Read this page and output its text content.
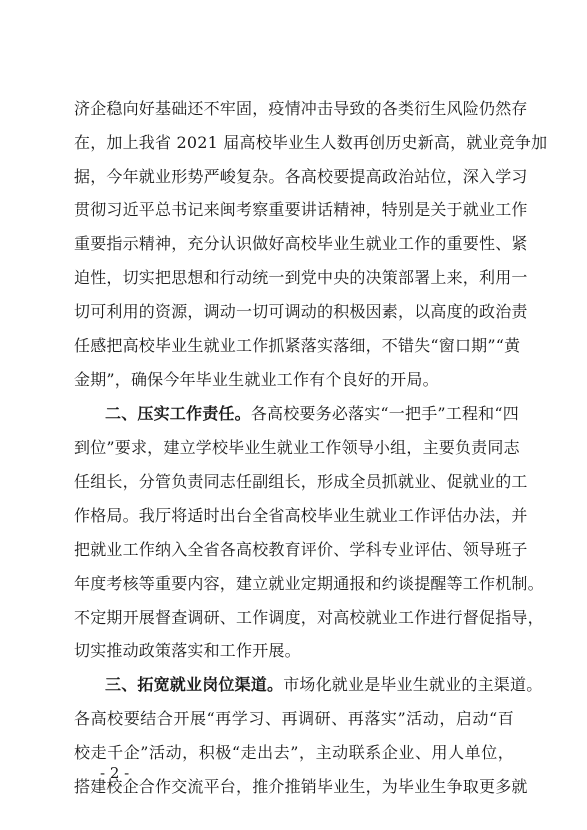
济企稳向好基础还不牢固，疫情冲击导致的各类衍生风险仍然存
在，加上我省 2021 届高校毕业生人数再创历史新高，就业竞争加
据，今年就业形势严峻复杂。各高校要提高政治站位，深入学习
贯彻习近平总书记来闽考察重要讲话精神，特别是关于就业工作
重要指示精神，充分认识做好高校毕业生就业工作的重要性、紧
迫性，切实把思想和行动统一到党中央的决策部署上来，利用一
切可利用的资源，调动一切可调动的积极因素，以高度的政治责
任感把高校毕业生就业工作抓紧落实落细，不错失“窗口期”“黄
金期”，确保今年毕业生就业工作有个良好的开局。
二、压实工作责任。各高校要务必落实“一把手”工程和“四
到位”要求，建立学校毕业生就业工作领导小组，主要负责同志
任组长，分管负责同志任副组长，形成全员抓就业、促就业的工
作格局。我厅将适时出台全省高校毕业生就业工作评估办法，并
把就业工作纳入全省各高校教育评价、学科专业评估、领导班子
年度考核等重要内容，建立就业定期通报和约谈提醒等工作机制。
不定期开展督查调研、工作调度，对高校就业工作进行督促指导，
切实推动政策落实和工作开展。
三、拓宽就业岗位渠道。市场化就业是毕业生就业的主渠道。
各高校要结合开展“再学习、再调研、再落实”活动，启动“百
校走千企”活动，积极“走出去”，主动联系企业、用人单位，
搭建校企合作交流平台，推介推销毕业生，为毕业生争取更多就
- 2 -
